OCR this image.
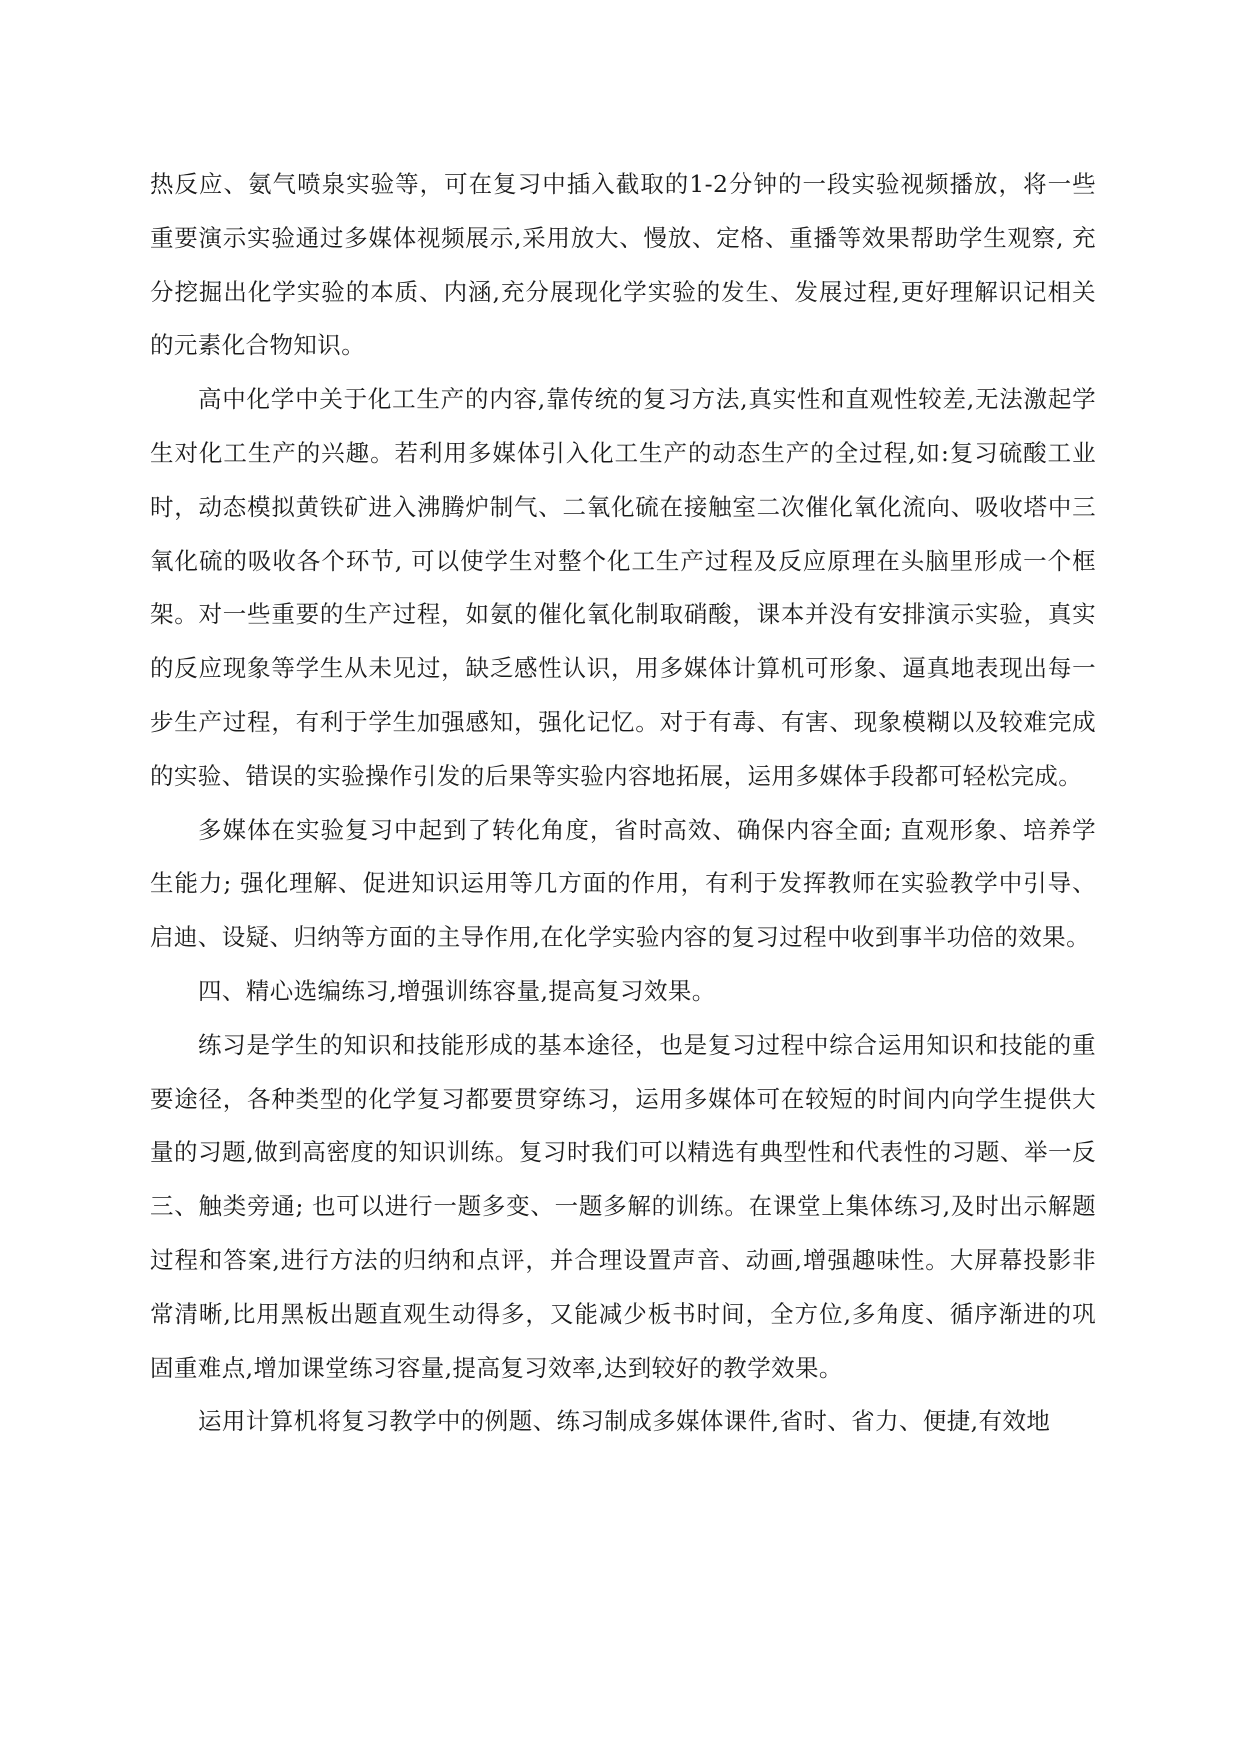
热反应、氨气喷泉实验等，可在复习中插入截取的1-2分钟的一段实验视频播放，将一些重要演示实验通过多媒体视频展示,采用放大、慢放、定格、重播等效果帮助学生观察, 充分挖掘出化学实验的本质、内涵,充分展现化学实验的发生、发展过程,更好理解识记相关的元素化合物知识。

高中化学中关于化工生产的内容,靠传统的复习方法,真实性和直观性较差,无法激起学生对化工生产的兴趣。若利用多媒体引入化工生产的动态生产的全过程,如:复习硫酸工业时，动态模拟黄铁矿进入沸腾炉制气、二氧化硫在接触室二次催化氧化流向、吸收塔中三氧化硫的吸收各个环节, 可以使学生对整个化工生产过程及反应原理在头脑里形成一个框架。对一些重要的生产过程，如氨的催化氧化制取硝酸，课本并没有安排演示实验，真实的反应现象等学生从未见过，缺乏感性认识，用多媒体计算机可形象、逼真地表现出每一步生产过程，有利于学生加强感知，强化记忆。对于有毒、有害、现象模糊以及较难完成的实验、错误的实验操作引发的后果等实验内容地拓展，运用多媒体手段都可轻松完成。

多媒体在实验复习中起到了转化角度，省时高效、确保内容全面; 直观形象、培养学生能力; 强化理解、促进知识运用等几方面的作用，有利于发挥教师在实验教学中引导、启迪、设疑、归纳等方面的主导作用,在化学实验内容的复习过程中收到事半功倍的效果。

四、精心选编练习,增强训练容量,提高复习效果。

练习是学生的知识和技能形成的基本途径，也是复习过程中综合运用知识和技能的重要途径，各种类型的化学复习都要贯穿练习，运用多媒体可在较短的时间内向学生提供大量的习题,做到高密度的知识训练。复习时我们可以精选有典型性和代表性的习题、举一反三、触类旁通; 也可以进行一题多变、一题多解的训练。在课堂上集体练习,及时出示解题过程和答案,进行方法的归纳和点评，并合理设置声音、动画,增强趣味性。大屏幕投影非常清晰,比用黑板出题直观生动得多，又能减少板书时间，全方位,多角度、循序渐进的巩固重难点,增加课堂练习容量,提高复习效率,达到较好的教学效果。

运用计算机将复习教学中的例题、练习制成多媒体课件,省时、省力、便捷,有效地
